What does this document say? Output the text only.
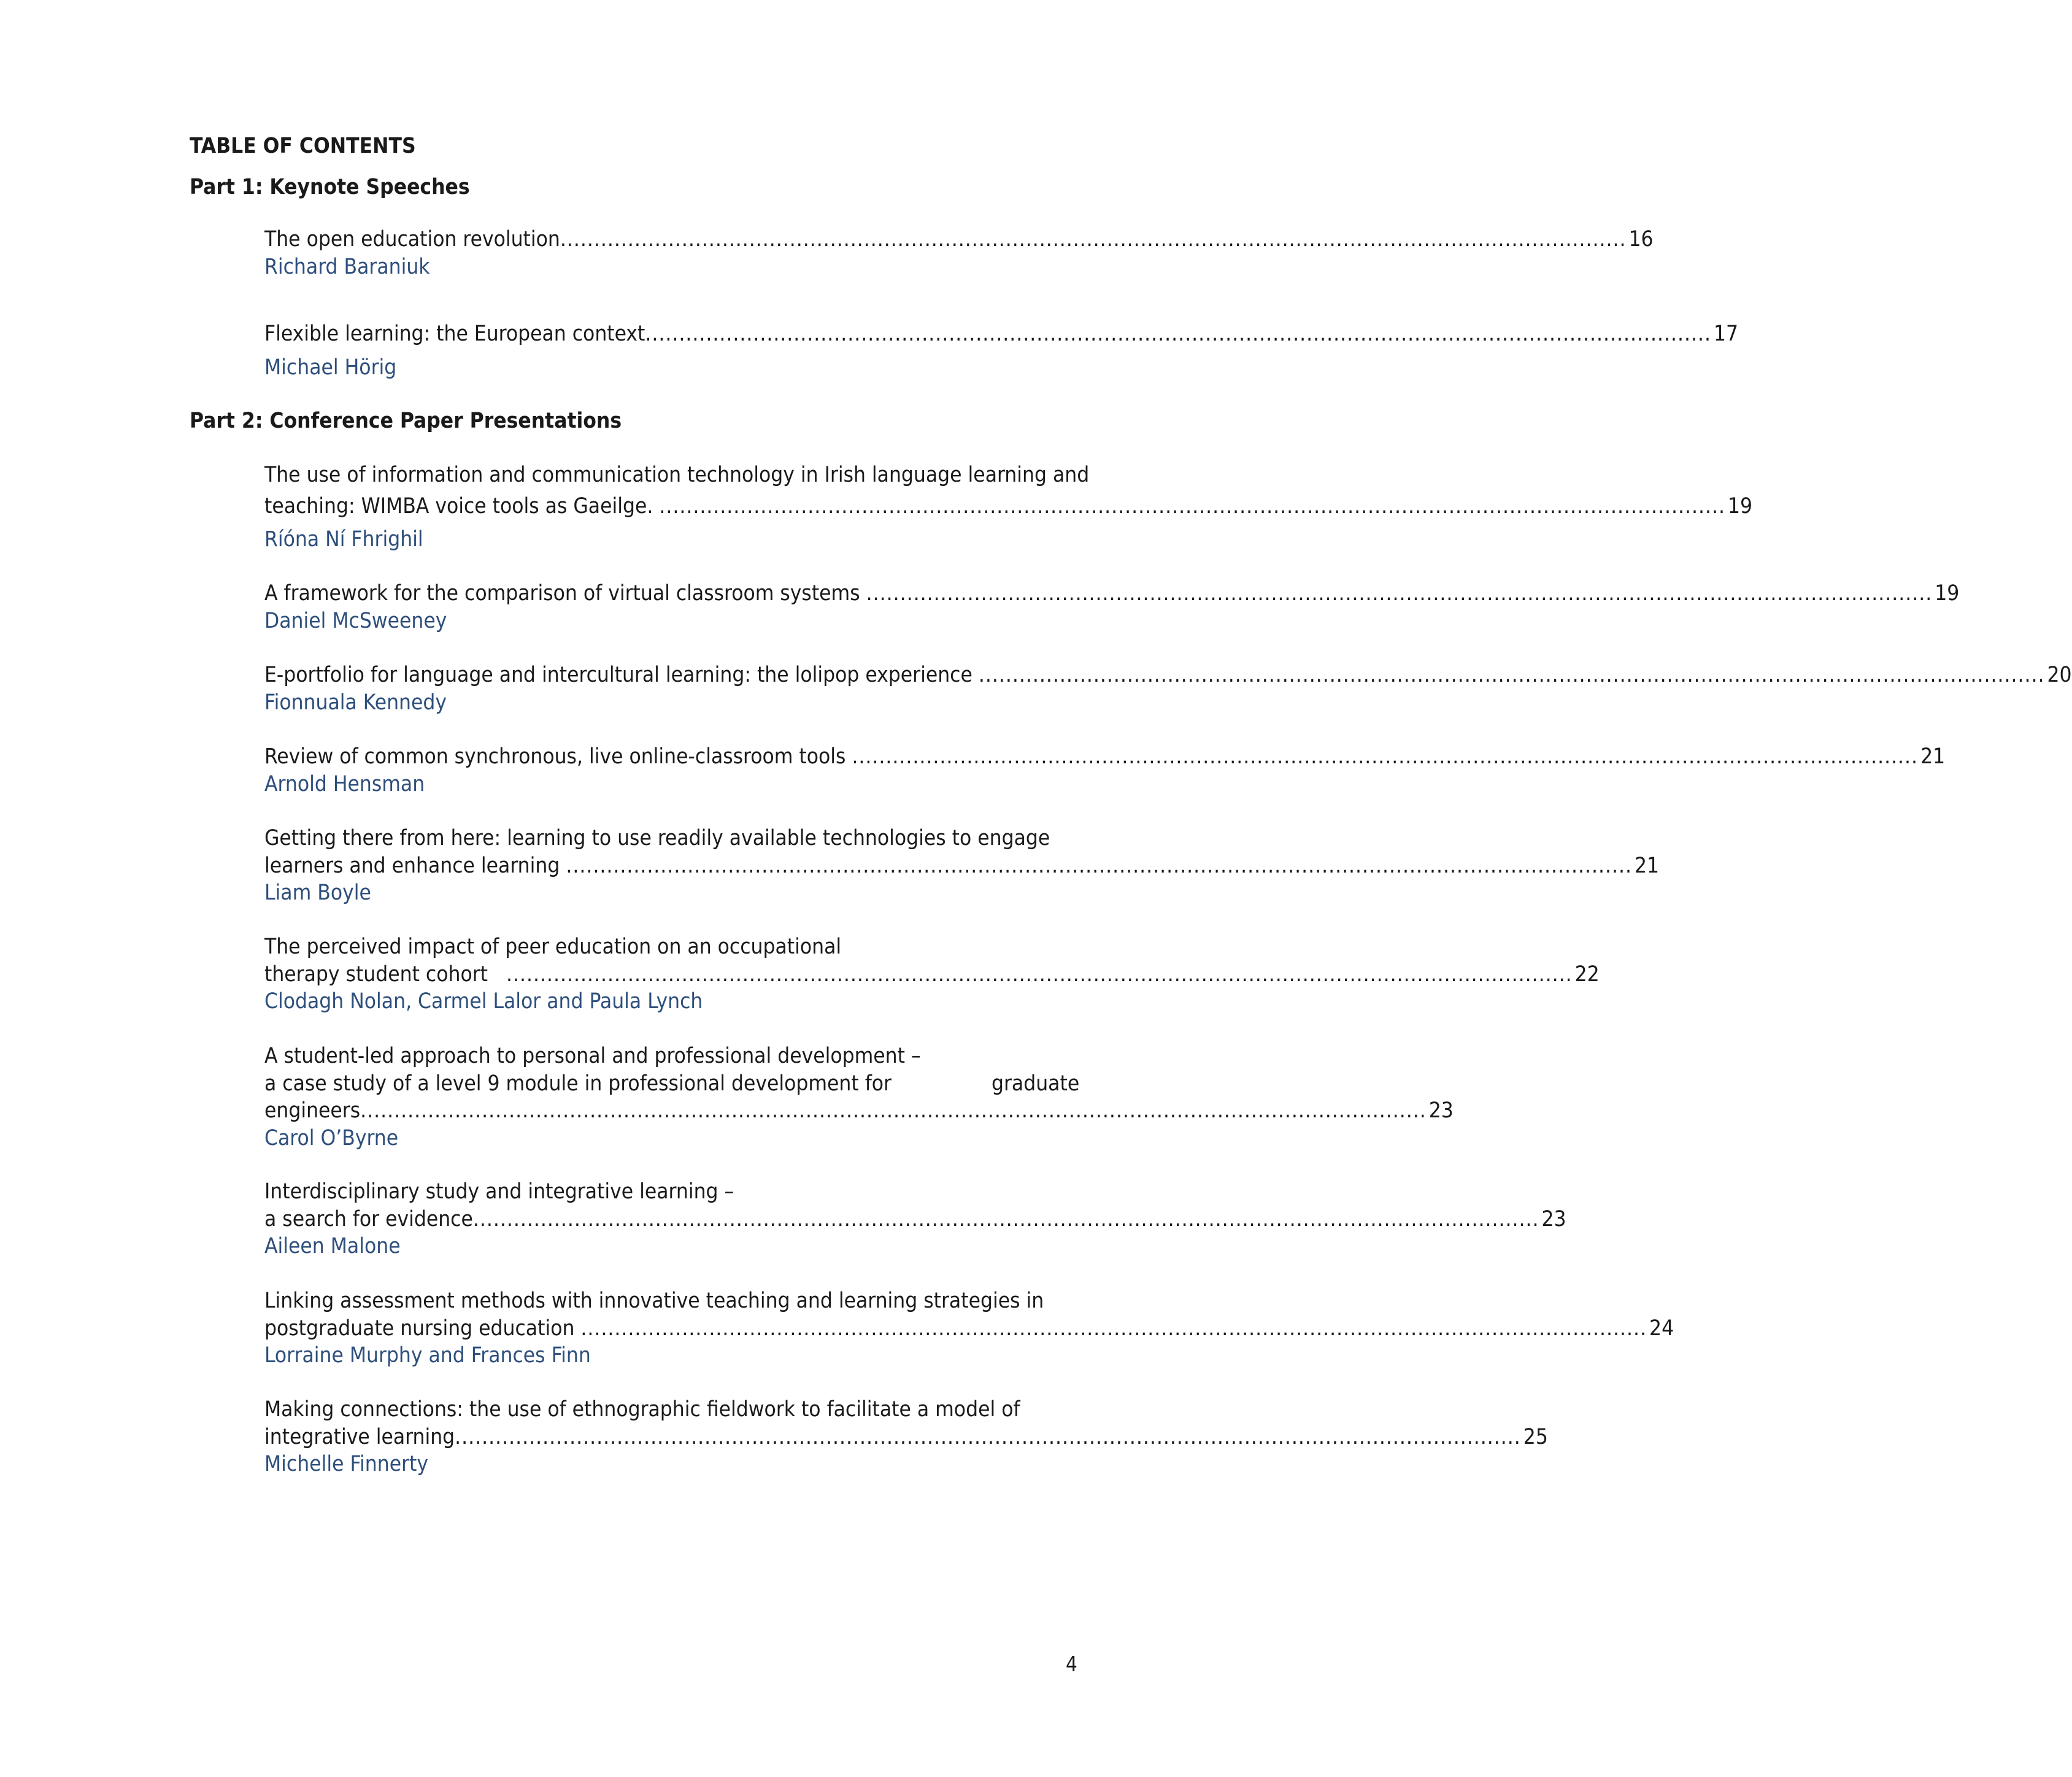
TABLE OF CONTENTS
Part 1: Keynote Speeches
The open education revolution .............................................................................................................................................................. 16
Richard Baraniuk
Flexible learning: the European context .............................................................................................................................................................. 17
Michael Hörig
Part 2: Conference Paper Presentations
The use of information and communication technology in Irish language learning and
teaching: WIMBA voice tools as Gaeilge. .............................................................................................................................................................. 19
Ríóna Ní Fhrighil
A framework for the comparison of virtual classroom systems .............................................................................................................................................................. 19
Daniel McSweeney
E-portfolio for language and intercultural learning: the lolipop experience .............................................................................................................................................................. 20
Fionnuala Kennedy
Review of common synchronous, live online-classroom tools .............................................................................................................................................................. 21
Arnold Hensman
Getting there from here: learning to use readily available technologies to engage
learners and enhance learning .............................................................................................................................................................. 21
Liam Boyle
The perceived impact of peer education on an occupational
therapy student cohort .............................................................................................................................................................. 22
Clodagh Nolan, Carmel Lalor and Paula Lynch
A student-led approach to personal and professional development –
a case study of a level 9 module in professional development for	graduate
engineers .............................................................................................................................................................. 23
Carol O’Byrne
Interdisciplinary study and integrative learning –
a search for evidence .............................................................................................................................................................. 23
Aileen Malone
Linking assessment methods with innovative teaching and learning strategies in
postgraduate nursing education .............................................................................................................................................................. 24
Lorraine Murphy and Frances Finn
Making connections: the use of ethnographic fieldwork to facilitate a model of
integrative learning .............................................................................................................................................................. 25
Michelle Finnerty
4
